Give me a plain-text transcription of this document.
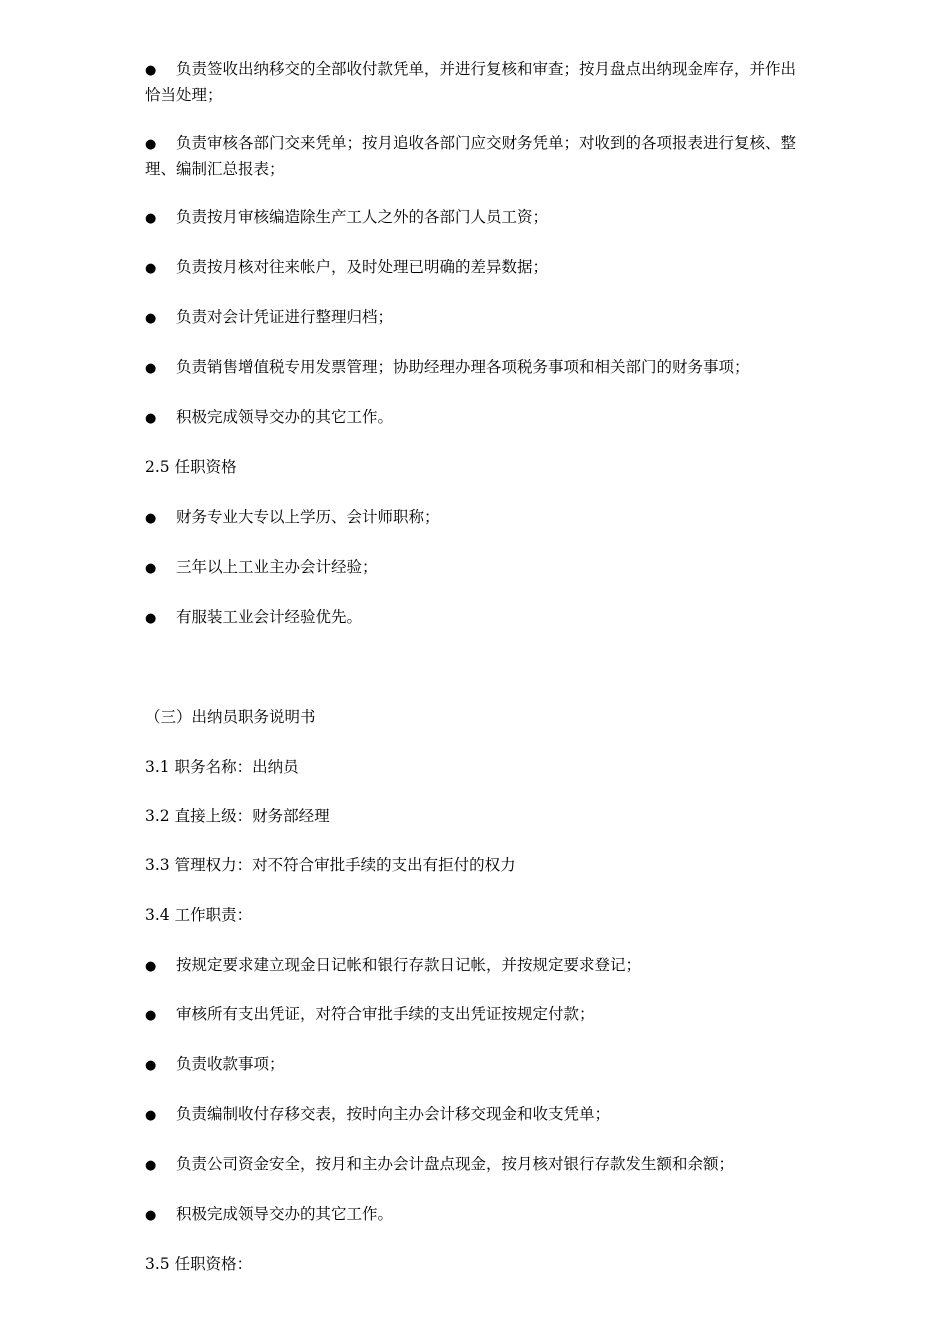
● 负责签收出纳移交的全部收付款凭单，并进行复核和审查；按月盘点出纳现金库存，并作出恰当处理；
● 负责审核各部门交来凭单；按月追收各部门应交财务凭单；对收到的各项报表进行复核、整理、编制汇总报表；
● 负责按月审核编造除生产工人之外的各部门人员工资；
● 负责按月核对往来帐户，及时处理已明确的差异数据；
● 负责对会计凭证进行整理归档；
● 负责销售增值税专用发票管理；协助经理办理各项税务事项和相关部门的财务事项；
● 积极完成领导交办的其它工作。
2.5 任职资格
● 财务专业大专以上学历、会计师职称；
● 三年以上工业主办会计经验；
● 有服装工业会计经验优先。
（三）出纳员职务说明书
3.1 职务名称：出纳员
3.2 直接上级：财务部经理
3.3 管理权力：对不符合审批手续的支出有拒付的权力
3.4 工作职责：
● 按规定要求建立现金日记帐和银行存款日记帐，并按规定要求登记；
● 审核所有支出凭证，对符合审批手续的支出凭证按规定付款；
● 负责收款事项；
● 负责编制收付存移交表，按时向主办会计移交现金和收支凭单；
● 负责公司资金安全，按月和主办会计盘点现金，按月核对银行存款发生额和余额；
● 积极完成领导交办的其它工作。
3.5 任职资格：
